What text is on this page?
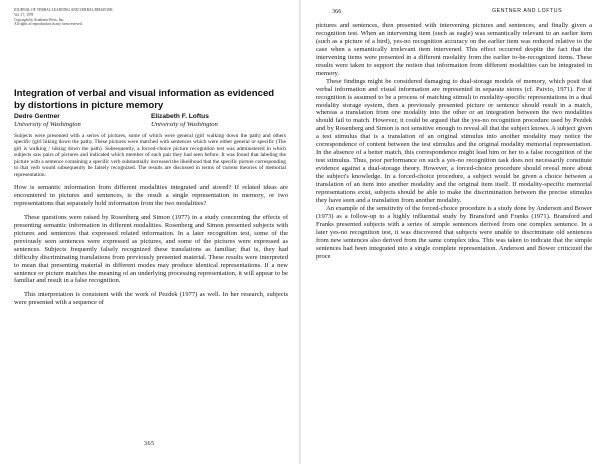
JOURNAL OF VERBAL LEARNING AND VERBAL BEHAVIOR
Vol. 17, 1978
Copyright by Academic Press, Inc.
All rights of reproduction in any form reserved.
Integration of verbal and visual information as evidenced by distortions in picture memory
Dedre Gentner
University of Washington
Elizabeth F. Loftus
University of Washington

Subjects were presented with a series of pictures, some of which were general (girl walking down the path) and others specific (girl hiking down the path). These pictures were matched with sentences which were either general or specific (The girl is walking / hiking down the path). Subsequently, a forced-choice picture recognition test was administered in which subjects saw pairs of pictures and indicated which member of each pair they had seen before. It was found that labeling the picture with a sentence containing a specific verb substantially increased the likelihood that the specific picture corresponding to that verb would subsequently be falsely recognized. The results are discussed in terms of current theories of memorial representation.

How is semantic information from different modalities integrated and stored? If related ideas are encountered in pictures and sentences, is the result a single representation in memory, or two representations that separately hold information from the two modalities?

These questions were raised by Rosenberg and Simon (1977) in a study concerning the effects of presenting semantic information in different modalities. Rosenberg and Simon presented subjects with pictures and sentences that expressed related information. In a later recognition test, some of the previously seen sentences were expressed as pictures, and some of the pictures were expressed as sentences. Subjects frequently falsely recognized these translations as familiar; that is, they had difficulty discriminating translations from previously presented material. These results were interpreted to mean that presenting material in different modes may produce identical representations. If a new sentence or picture matches the meaning of an underlying processing representation, it will appear to be familiar and result in a false recognition.

This interpretation is consistent with the work of Pezdek (1977) as well. In her research, subjects were presented with a sequence of

365
366	GENTNER AND LOFTUS

pictures and sentences, then presented with intervening pictures and sentences, and finally given a recognition test. When an intervening item (such as eagle) was semantically relevant to an earlier item (such as a picture of a bird), yes-no recognition accuracy on the earlier item was reduced relative to the case when a semantically irrelevant item intervened. This effect occurred despite the fact that the intervening items were presented in a different modality from the earlier to-be-recognized items. These results were taken to support the notion that information from different modalities can be integrated in memory.

These findings might be considered damaging to dual-storage models of memory, which posit that verbal information and visual information are represented in separate stores (cf. Paivio, 1971). For if recognition is assumed to be a process of matching stimuli to modality-specific representations in a dual modality storage system, then a previously presented picture or sentence should result in a match, whereas a translation from one modality into the other or an integration between the two modalities should fail to match. However, it could be argued that the yes-no recognition procedure used by Pezdek and by Rosenberg and Simon is not sensitive enough to reveal all that the subject knows. A subject given a test stimulus that is a translation of an original stimulus into another modality may notice the correspondence of content between the test stimulus and the original modality memorial representation. In the absence of a better match, this correspondence might lead him or her to a false recognition of the test stimulus. Thus, poor performance on such a yes-no recognition task does not necessarily constitute evidence against a dual-storage theory. However, a forced-choice procedure should reveal more about the subject's knowledge. In a forced-choice procedure, a subject would be given a choice between a translation of an item into another modality and the original item itself. If modality-specific memorial representations exist, subjects should be able to make the discrimination between the precise stimulus they have seen and a translation from another modality.

An example of the sensitivity of the forced-choice procedure is a study done by Anderson and Bower (1973) as a follow-up to a highly influential study by Bransford and Franks (1971). Bransford and Franks presented subjects with a series of simple sentences derived from one complex sentence. In a later yes-no recognition test, it was discovered that subjects were unable to discriminate old sentences from new sentences also derived from the same complex idea. This was taken to indicate that the simple sentences had been integrated into a single complete representation. Anderson and Bower criticized the proce
